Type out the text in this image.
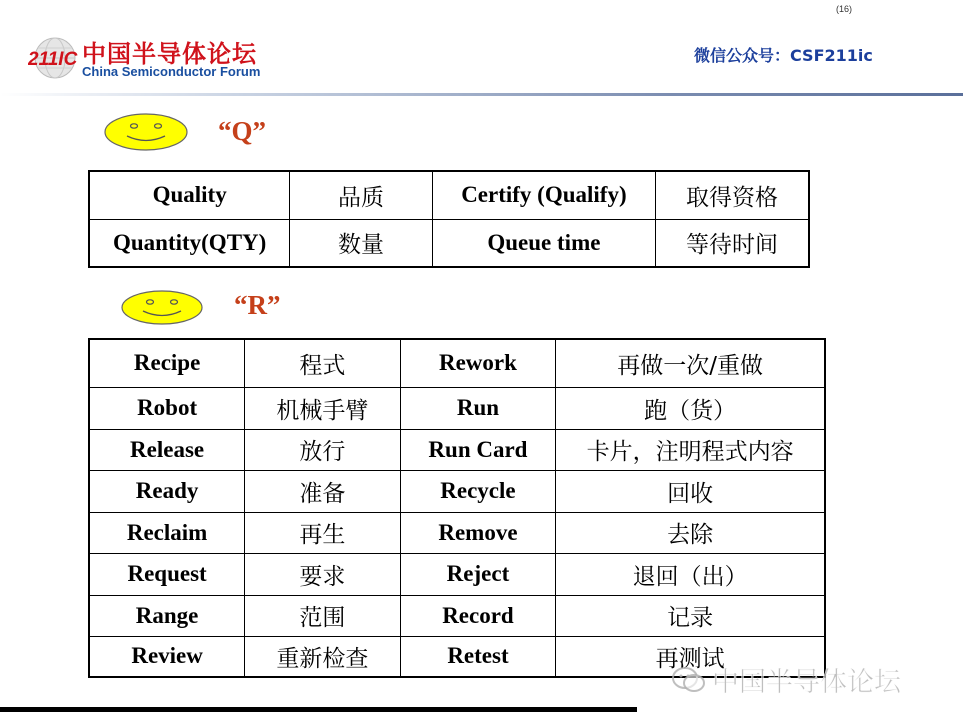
(16)
211IC 中国半导体论坛
China Semiconductor Forum
微信公众号：CSF211ic
“Q”
Quality	品质	Certify (Qualify)	取得资格
Quantity(QTY)	数量	Queue time	等待时间
“R”
Recipe	程式	Rework	再做一次/重做
Robot	机械手臂	Run	跑（货）
Release	放行	Run Card	卡片，注明程式内容
Ready	准备	Recycle	回收
Reclaim	再生	Remove	去除
Request	要求	Reject	退回（出）
Range	范围	Record	记录
Review	重新检查	Retest	再测试
中国半导体论坛
